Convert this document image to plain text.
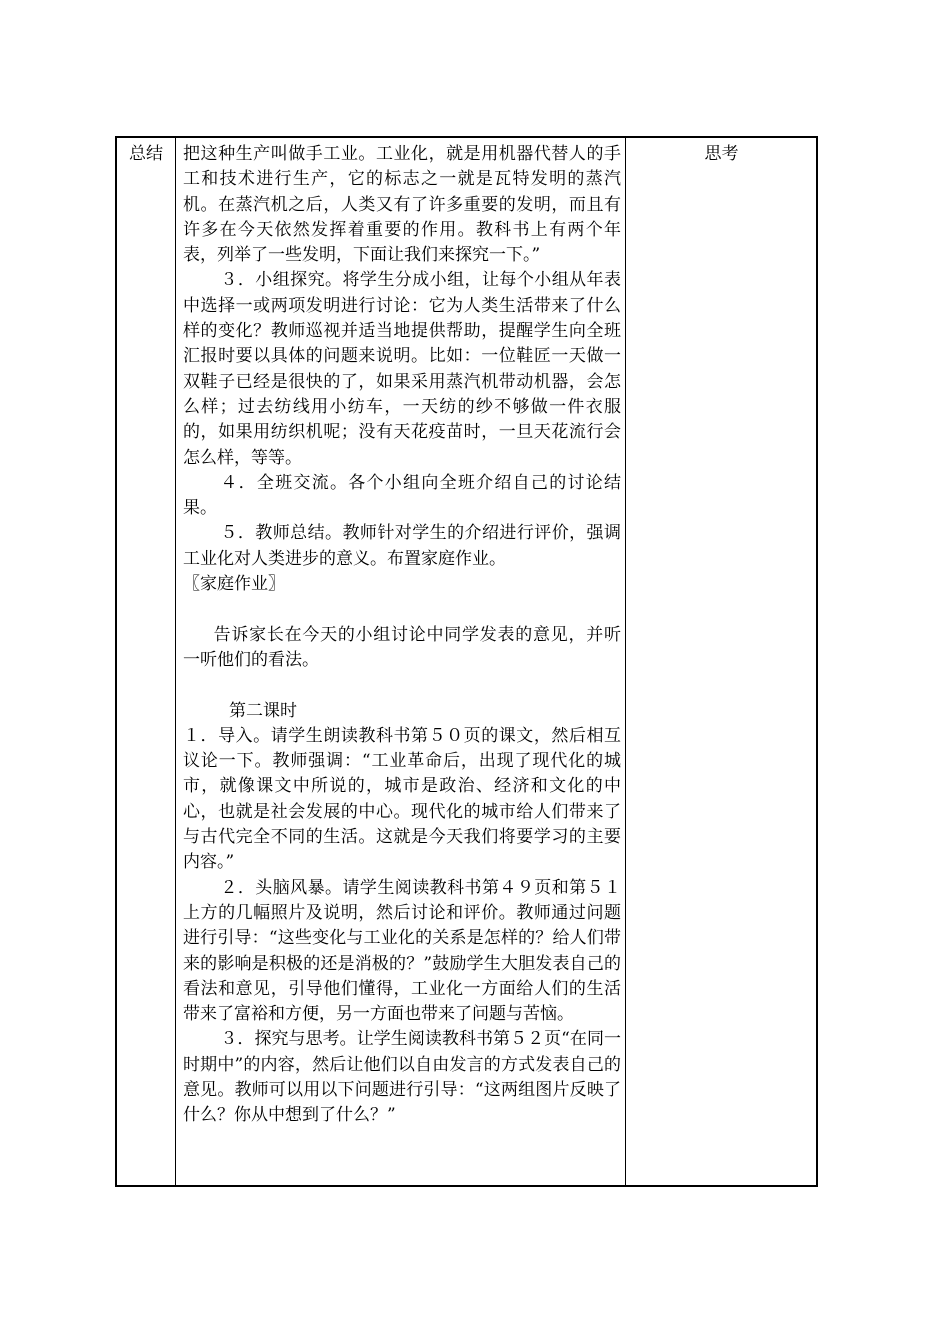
总结	把这种生产叫做手工业。工业化，就是用机器代替人的手工和技术进行生产，它的标志之一就是瓦特发明的蒸汽机。在蒸汽机之后，人类又有了许多重要的发明，而且有许多在今天依然发挥着重要的作用。教科书上有两个年表，列举了一些发明，下面让我们来探究一下。”

３．小组探究。将学生分成小组，让每个小组从年表中选择一或两项发明进行讨论：它为人类生活带来了什么样的变化？教师巡视并适当地提供帮助，提醒学生向全班汇报时要以具体的问题来说明。比如：一位鞋匠一天做一双鞋子已经是很快的了，如果采用蒸汽机带动机器，会怎么样；过去纺线用小纺车，一天纺的纱不够做一件衣服的，如果用纺织机呢；没有天花疫苗时，一旦天花流行会怎么样，等等。

４．全班交流。各个小组向全班介绍自己的讨论结果。

５．教师总结。教师针对学生的介绍进行评价，强调工业化对人类进步的意义。布置家庭作业。

〖家庭作业〗

告诉家长在今天的小组讨论中同学发表的意见，并听一听他们的看法。

第二课时

１．导入。请学生朗读教科书第５０页的课文，然后相互议论一下。教师强调：“工业革命后，出现了现代化的城市，就像课文中所说的，城市是政治、经济和文化的中心，也就是社会发展的中心。现代化的城市给人们带来了与古代完全不同的生活。这就是今天我们将要学习的主要内容。”

２．头脑风暴。请学生阅读教科书第４９页和第５１上方的几幅照片及说明，然后讨论和评价。教师通过问题进行引导：“这些变化与工业化的关系是怎样的？给人们带来的影响是积极的还是消极的？”鼓励学生大胆发表自己的看法和意见，引导他们懂得，工业化一方面给人们的生活带来了富裕和方便，另一方面也带来了问题与苦恼。

３．探究与思考。让学生阅读教科书第５２页“在同一时期中”的内容，然后让他们以自由发言的方式发表自己的意见。教师可以用以下问题进行引导：“这两组图片反映了什么？你从中想到了什么？”

思考
